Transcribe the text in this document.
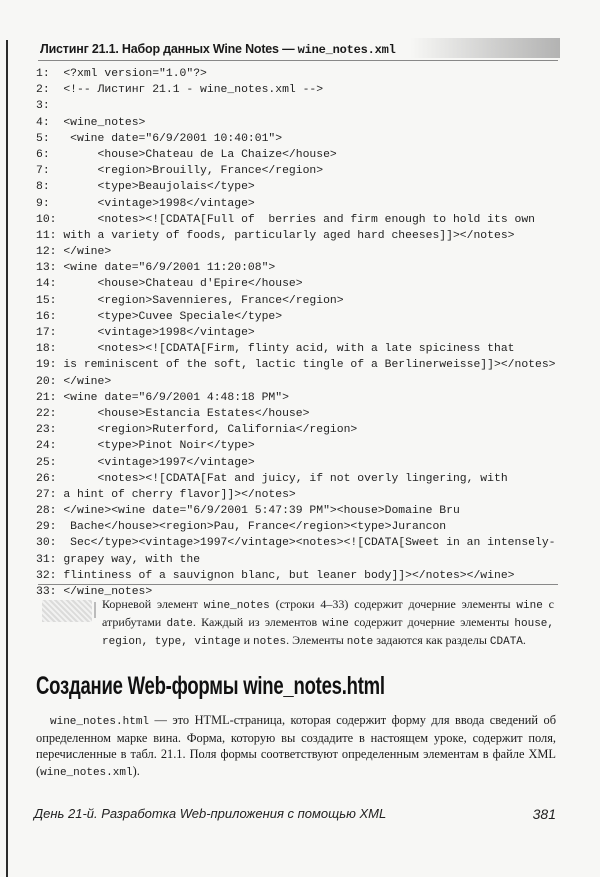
Листинг 21.1. Набор данных Wine Notes — wine_notes.xml
1:  <?xml version="1.0"?>
2:  <!-- Листинг 21.1 - wine_notes.xml -->
3:
4:  <wine_notes>
5:   <wine date="6/9/2001 10:40:01">
6:       <house>Chateau de La Chaize</house>
7:       <region>Brouilly, France</region>
8:       <type>Beaujolais</type>
9:       <vintage>1998</vintage>
10:      <notes><![CDATA[Full of  berries and firm enough to hold its own
11: with a variety of foods, particularly aged hard cheeses]]></notes>
12: </wine>
13: <wine date="6/9/2001 11:20:08">
14:      <house>Chateau d'Epire</house>
15:      <region>Savennieres, France</region>
16:      <type>Cuvee Speciale</type>
17:      <vintage>1998</vintage>
18:      <notes><![CDATA[Firm, flinty acid, with a late spiciness that
19: is reminiscent of the soft, lactic tingle of a Berlinerweisse]]></notes>
20: </wine>
21: <wine date="6/9/2001 4:48:18 PM">
22:      <house>Estancia Estates</house>
23:      <region>Ruterford, California</region>
24:      <type>Pinot Noir</type>
25:      <vintage>1997</vintage>
26:      <notes><![CDATA[Fat and juicy, if not overly lingering, with
27: a hint of cherry flavor]]></notes>
28: </wine><wine date="6/9/2001 5:47:39 PM"><house>Domaine Bru
29:  Bache</house><region>Pau, France</region><type>Jurancon
30:  Sec</type><vintage>1997</vintage><notes><![CDATA[Sweet in an intensely-
31: grapey way, with the
32: flintiness of a sauvignon blanc, but leaner body]]></notes></wine>
33: </wine_notes>
Корневой элемент wine_notes (строки 4–33) содержит дочерние элементы wine с атрибутами date. Каждый из элементов wine содержит дочерние элементы house, region, type, vintage и notes. Элементы note задаются как разделы CDATA.
Создание Web-формы wine_notes.html
wine_notes.html — это HTML-страница, которая содержит форму для ввода сведений об определенном марке вина. Форма, которую вы создадите в настоящем уроке, содержит поля, перечисленные в табл. 21.1. Поля формы соответствуют определенным элементам в файле XML (wine_notes.xml).
День 21-й. Разработка Web-приложения с помощью XML	381
